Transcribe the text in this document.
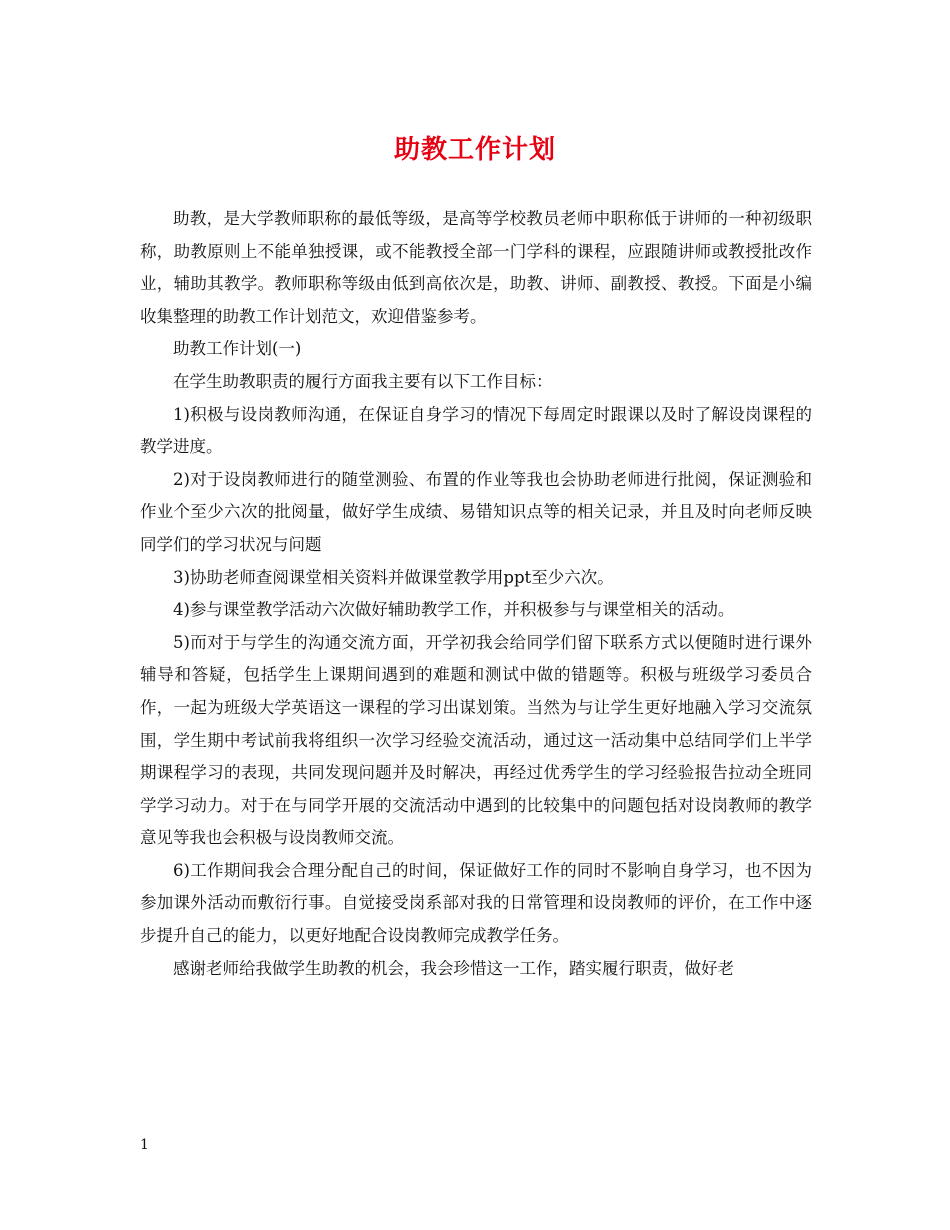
助教工作计划

助教，是大学教师职称的最低等级，是高等学校教员老师中职称低于讲师的一种初级职称，助教原则上不能单独授课，或不能教授全部一门学科的课程，应跟随讲师或教授批改作业，辅助其教学。教师职称等级由低到高依次是，助教、讲师、副教授、教授。下面是小编收集整理的助教工作计划范文，欢迎借鉴参考。

助教工作计划(一)

在学生助教职责的履行方面我主要有以下工作目标：

1)积极与设岗教师沟通，在保证自身学习的情况下每周定时跟课以及时了解设岗课程的教学进度。

2)对于设岗教师进行的随堂测验、布置的作业等我也会协助老师进行批阅，保证测验和作业个至少六次的批阅量，做好学生成绩、易错知识点等的相关记录，并且及时向老师反映同学们的学习状况与问题

3)协助老师查阅课堂相关资料并做课堂教学用ppt至少六次。

4)参与课堂教学活动六次做好辅助教学工作，并积极参与与课堂相关的活动。

5)而对于与学生的沟通交流方面，开学初我会给同学们留下联系方式以便随时进行课外辅导和答疑，包括学生上课期间遇到的难题和测试中做的错题等。积极与班级学习委员合作，一起为班级大学英语这一课程的学习出谋划策。当然为与让学生更好地融入学习交流氛围，学生期中考试前我将组织一次学习经验交流活动，通过这一活动集中总结同学们上半学期课程学习的表现，共同发现问题并及时解决，再经过优秀学生的学习经验报告拉动全班同学学习动力。对于在与同学开展的交流活动中遇到的比较集中的问题包括对设岗教师的教学意见等我也会积极与设岗教师交流。

6)工作期间我会合理分配自己的时间，保证做好工作的同时不影响自身学习，也不因为参加课外活动而敷衍行事。自觉接受岗系部对我的日常管理和设岗教师的评价，在工作中逐步提升自己的能力，以更好地配合设岗教师完成教学任务。

感谢老师给我做学生助教的机会，我会珍惜这一工作，踏实履行职责，做好老

1
